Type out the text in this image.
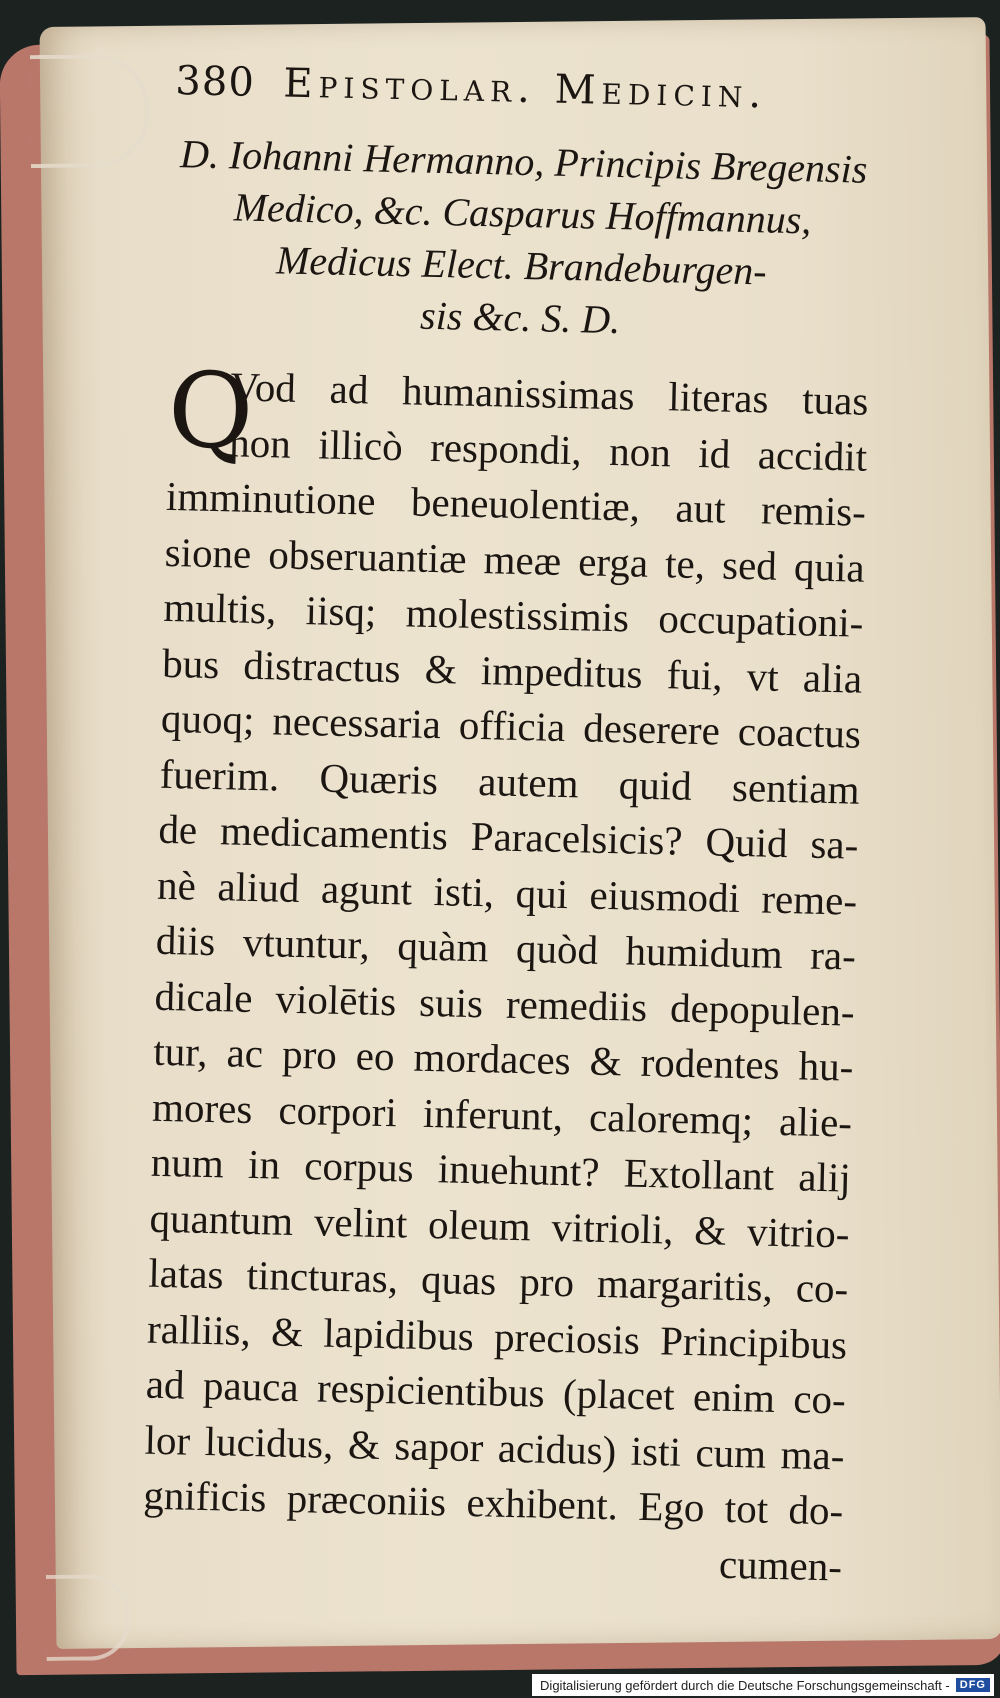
380 Epistolar. Medicin.
D. Iohanni Hermanno, Principis Bregensis
Medico, &c. Casparus Hoffmannus,
Medicus Elect. Brandeburgen-
sis &c. S. D.
Q
Vod ad humanissimas literas tuas
non illicò respondi, non id accidit
imminutione beneuolentiæ, aut remis-
sione obseruantiæ meæ erga te, sed quia
multis, iisq; molestissimis occupationi-
bus distractus & impeditus fui, vt alia
quoq; necessaria officia deserere coactus
fuerim. Quæris autem quid sentiam
de medicamentis Paracelsicis? Quid sa-
nè aliud agunt isti, qui eiusmodi reme-
diis vtuntur, quàm quòd humidum ra-
dicale violētis suis remediis depopulen-
tur, ac pro eo mordaces & rodentes hu-
mores corpori inferunt, caloremq; alie-
num in corpus inuehunt? Extollant alij
quantum velint oleum vitrioli, & vitrio-
latas tincturas, quas pro margaritis, co-
ralliis, & lapidibus preciosis Principibus
ad pauca respicientibus (placet enim co-
lor lucidus, & sapor acidus) isti cum ma-
gnificis præconiis exhibent. Ego tot do-
cumen-
Digitalisierung gefördert durch die Deutsche Forschungsgemeinschaft - DFG
